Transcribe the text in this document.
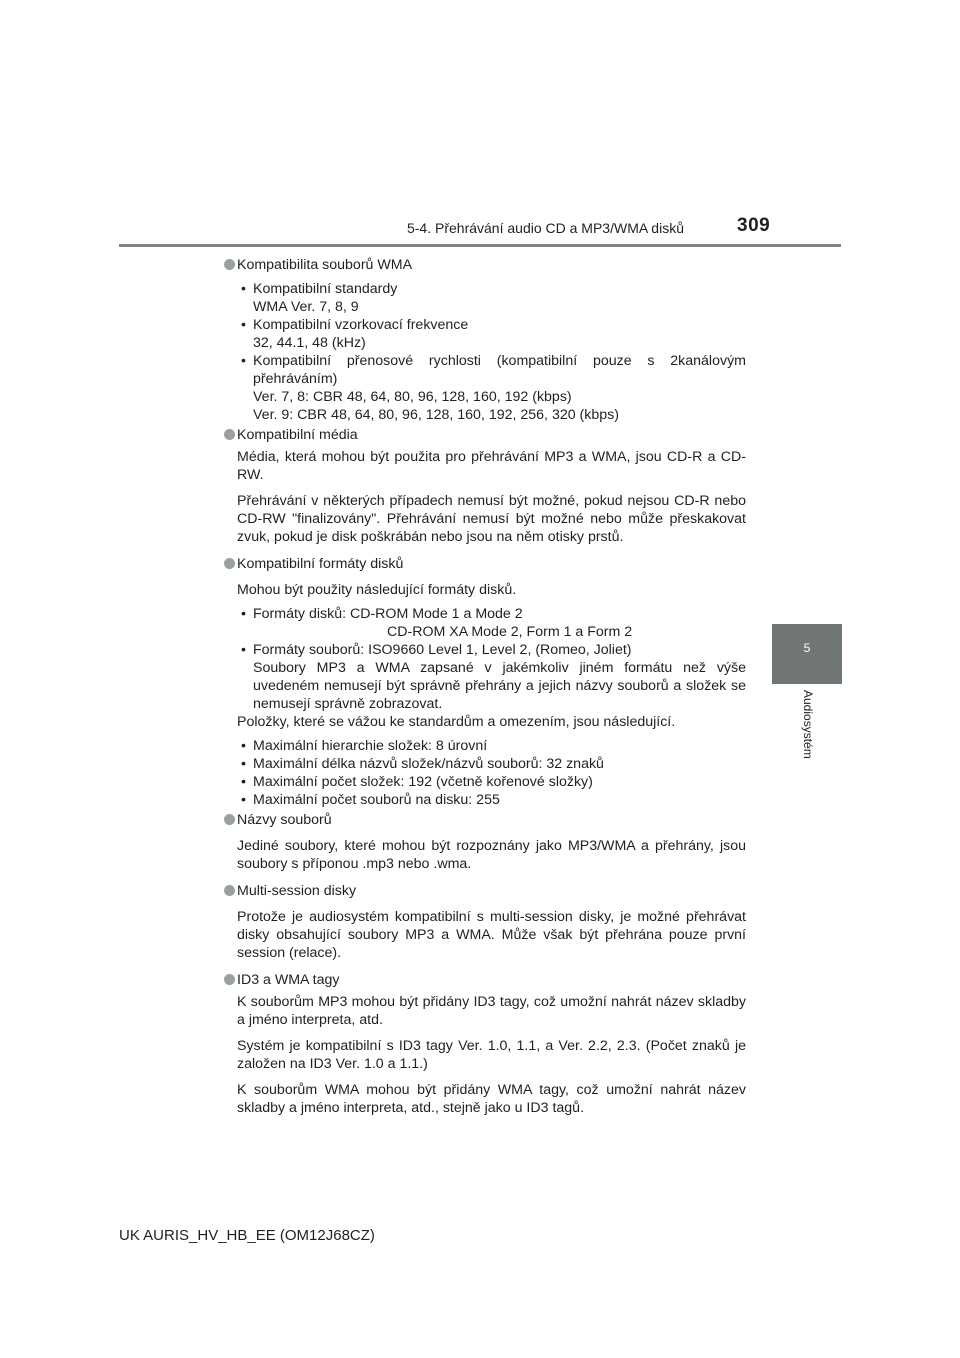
5-4. Přehrávání audio CD a MP3/WMA disků	309
5
Audiosystém

Kompatibilita souborů WMA

• Kompatibilní standardy
WMA Ver. 7, 8, 9
• Kompatibilní vzorkovací frekvence
32, 44.1, 48 (kHz)
• Kompatibilní přenosové rychlosti (kompatibilní pouze s 2kanálovým přehráváním)
Ver. 7, 8: CBR 48, 64, 80, 96, 128, 160, 192 (kbps)
Ver. 9: CBR 48, 64, 80, 96, 128, 160, 192, 256, 320 (kbps)

Kompatibilní média

Média, která mohou být použita pro přehrávání MP3 a WMA, jsou CD-R a CD-RW.

Přehrávání v některých případech nemusí být možné, pokud nejsou CD-R nebo CD-RW "finalizovány". Přehrávání nemusí být možné nebo může přeskakovat zvuk, pokud je disk poškrábán nebo jsou na něm otisky prstů.

Kompatibilní formáty disků

Mohou být použity následující formáty disků.

• Formáty disků: CD-ROM Mode 1 a Mode 2
CD-ROM XA Mode 2, Form 1 a Form 2
• Formáty souborů: ISO9660 Level 1, Level 2, (Romeo, Joliet)
Soubory MP3 a WMA zapsané v jakémkoliv jiném formátu než výše uvedeném nemusejí být správně přehrány a jejich názvy souborů a složek se nemusejí správně zobrazovat.

Položky, které se vážou ke standardům a omezením, jsou následující.

• Maximální hierarchie složek: 8 úrovní
• Maximální délka názvů složek/názvů souborů: 32 znaků
• Maximální počet složek: 192 (včetně kořenové složky)
• Maximální počet souborů na disku: 255

Názvy souborů

Jediné soubory, které mohou být rozpoznány jako MP3/WMA a přehrány, jsou soubory s příponou .mp3 nebo .wma.

Multi-session disky

Protože je audiosystém kompatibilní s multi-session disky, je možné přehrávat disky obsahující soubory MP3 a WMA. Může však být přehrána pouze první session (relace).

ID3 a WMA tagy

K souborům MP3 mohou být přidány ID3 tagy, což umožní nahrát název skladby a jméno interpreta, atd.

Systém je kompatibilní s ID3 tagy Ver. 1.0, 1.1, a Ver. 2.2, 2.3. (Počet znaků je založen na ID3 Ver. 1.0 a 1.1.)

K souborům WMA mohou být přidány WMA tagy, což umožní nahrát název skladby a jméno interpreta, atd., stejně jako u ID3 tagů.

UK AURIS_HV_HB_EE (OM12J68CZ)
